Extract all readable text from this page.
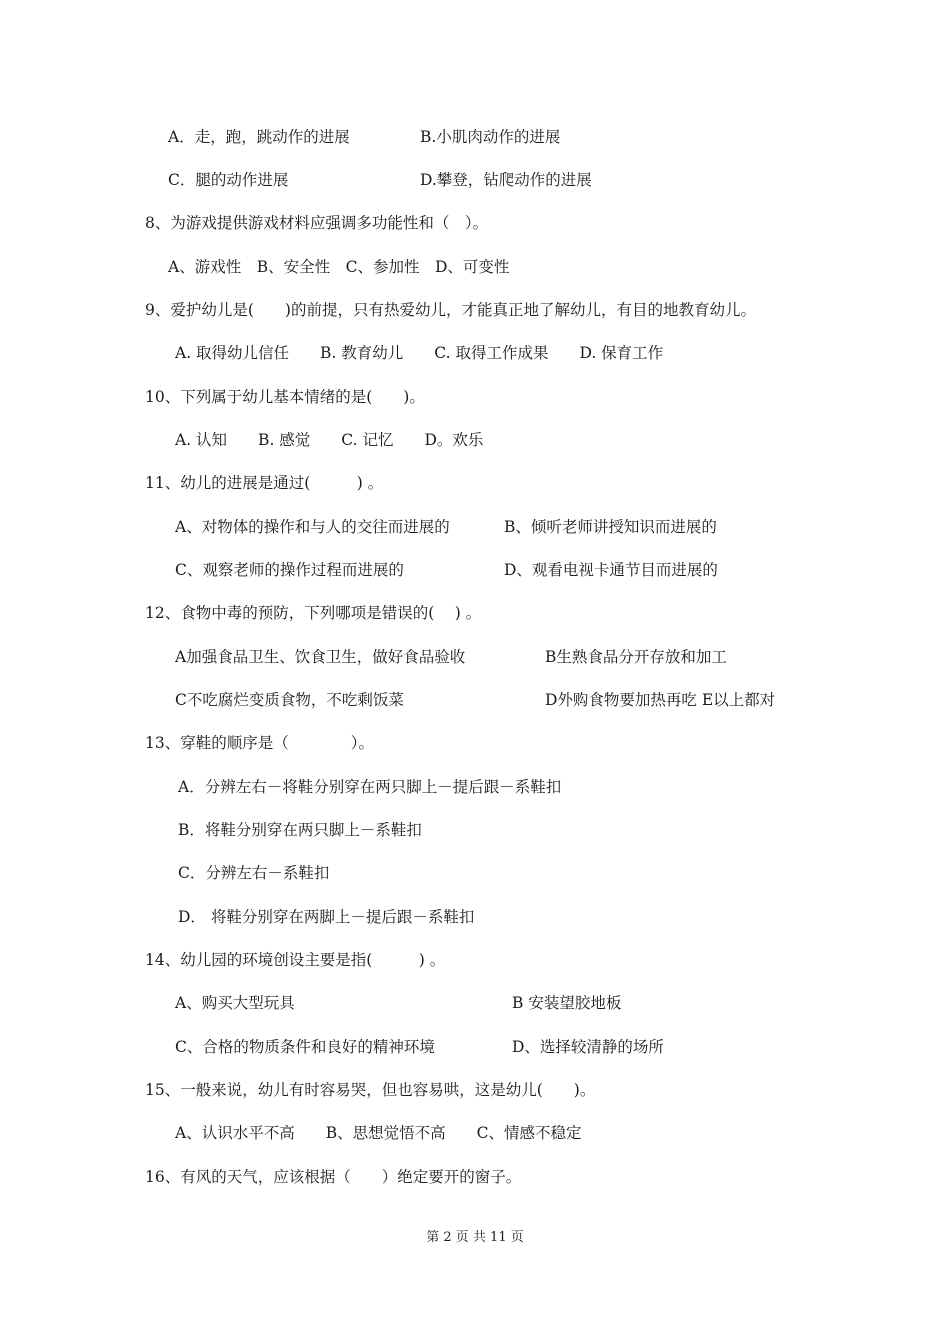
A．走，跑，跳动作的进展	B.小肌肉动作的进展
C．腿的动作进展	D.攀登，钻爬动作的进展
8、为游戏提供游戏材料应强调多功能性和（　）。
A、游戏性　B、安全性　C、参加性　D、可变性
9、爱护幼儿是(　　)的前提，只有热爱幼儿，才能真正地了解幼儿，有目的地教育幼儿。
A. 取得幼儿信任　　B. 教育幼儿　　C. 取得工作成果　　D. 保育工作
10、下列属于幼儿基本情绪的是(　　)。
A. 认知　　B. 感觉　　C. 记忆　　D。欢乐
11、幼儿的进展是通过(　　　) 。
A、对物体的操作和与人的交往而进展的	B、倾听老师讲授知识而进展的
C、观察老师的操作过程而进展的	D、观看电视卡通节目而进展的
12、食物中毒的预防，下列哪项是错误的(　 ) 。
A加强食品卫生、饮食卫生，做好食品验收	B生熟食品分开存放和加工
C不吃腐烂变质食物，不吃剩饭菜	D外购食物要加热再吃 E以上都对
13、穿鞋的顺序是（　　　　）。
A．分辨左右－将鞋分别穿在两只脚上－提后跟－系鞋扣
B．将鞋分别穿在两只脚上－系鞋扣
C．分辨左右－系鞋扣
D． 将鞋分别穿在两脚上－提后跟－系鞋扣
14、幼儿园的环境创设主要是指(　　　) 。
A、购买大型玩具	B 安装望胶地板
C、合格的物质条件和良好的精神环境	D、选择较清静的场所
15、一般来说，幼儿有时容易哭，但也容易哄，这是幼儿(　　)。
A、认识水平不高　　B、思想觉悟不高　　C、情感不稳定
16、有风的天气，应该根据（　　）绝定要开的窗子。
第 2 页 共 11 页
